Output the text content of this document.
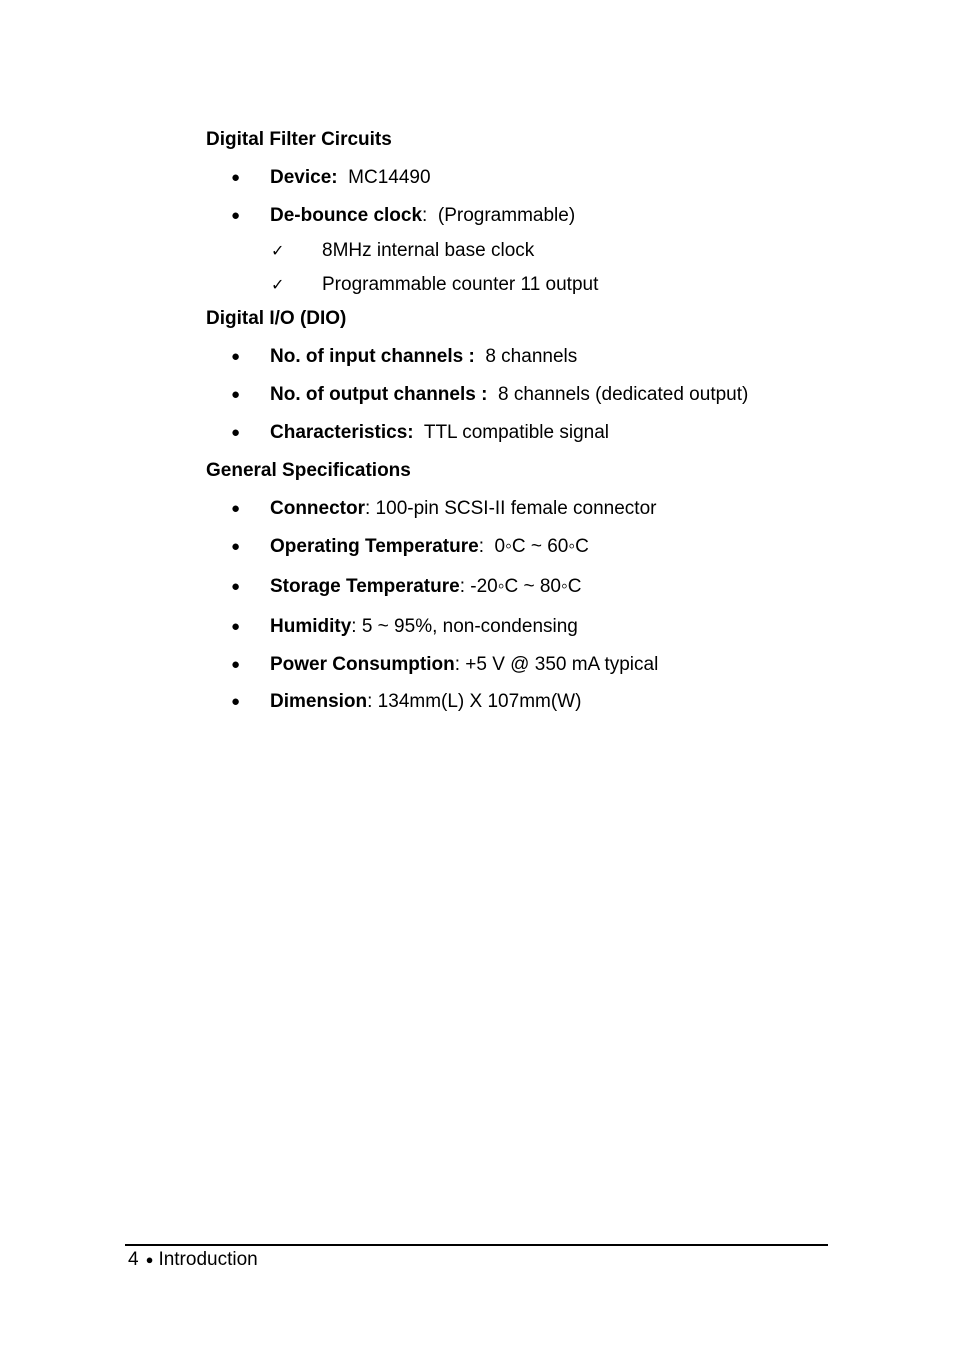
Digital Filter Circuits
● Device:  MC14490
● De-bounce clock:  (Programmable)
✓ 8MHz internal base clock
✓ Programmable counter 11 output
Digital I/O (DIO)
● No. of input channels :  8 channels
● No. of output channels :  8 channels (dedicated output)
● Characteristics:  TTL compatible signal
General Specifications
● Connector: 100-pin SCSI-II female connector
● Operating Temperature:  0◦C ~ 60◦C
● Storage Temperature: -20◦C ~ 80◦C
● Humidity: 5 ~ 95%, non-condensing
● Power Consumption: +5 V @ 350 mA typical
● Dimension: 134mm(L) X 107mm(W)
4 ● Introduction
